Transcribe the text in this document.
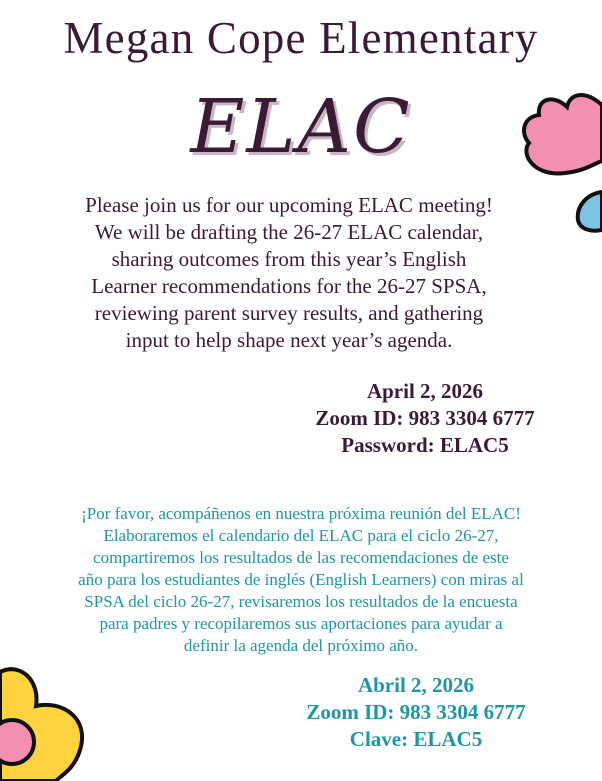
Megan Cope Elementary
ELAC
Please join us for our upcoming ELAC meeting!
We will be drafting the 26-27 ELAC calendar,
sharing outcomes from this year’s English
Learner recommendations for the 26-27 SPSA,
reviewing parent survey results, and gathering
input to help shape next year’s agenda.
April 2, 2026
Zoom ID: 983 3304 6777
Password: ELAC5
¡Por favor, acompáñenos en nuestra próxima reunión del ELAC!
Elaboraremos el calendario del ELAC para el ciclo 26-27,
compartiremos los resultados de las recomendaciones de este
año para los estudiantes de inglés (English Learners) con miras al
SPSA del ciclo 26-27, revisaremos los resultados de la encuesta
para padres y recopilaremos sus aportaciones para ayudar a
definir la agenda del próximo año.
Abril 2, 2026
Zoom ID: 983 3304 6777
Clave: ELAC5
